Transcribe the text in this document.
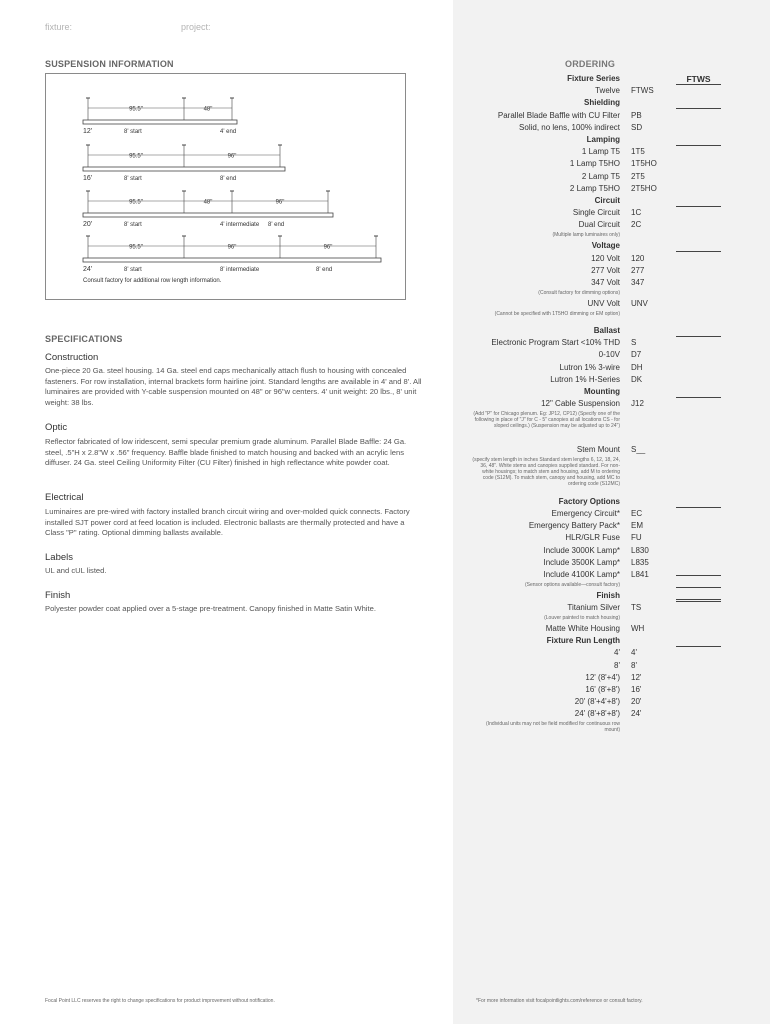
fixture:	project:
SUSPENSION INFORMATION
95.5"	48"
12'	8' start	4' end
95.5"	96"
16'	8' start	8' end
95.5"	48"	96"
20'	8' start	4' intermediate 8' end
95.5"	96"	96"
24'	8' start	8' intermediate	8' end
Consult factory for additional row length information.
SPECIFICATIONS
Construction
One-piece 20 Ga. steel housing. 14 Ga. steel end caps mechanically attach flush to housing with concealed fasteners. For row installation, internal brackets form hairline joint. Standard lengths are available in 4' and 8'. All luminaires are provided with Y-cable suspension mounted on 48" or 96"w centers. 4' unit weight: 20 lbs., 8' unit weight: 38 lbs.
Optic
Reflector fabricated of low iridescent, semi specular premium grade aluminum. Parallel Blade Baffle: 24 Ga. steel, .5"H x 2.8"W x .56" frequency. Baffle blade finished to match housing and backed with an acrylic lens diffuser. 24 Ga. steel Ceiling Uniformity Filter (CU Filter) finished in high reflectance white powder coat.
Electrical
Luminaires are pre-wired with factory installed branch circuit wiring and over-molded quick connects. Factory installed SJT power cord at feed location is included. Electronic ballasts are thermally protected and have a Class "P" rating. Optional dimming ballasts available.
Labels
UL and cUL listed.
Finish
Polyester powder coat applied over a 5-stage pre-treatment. Canopy finished in Matte Satin White.
ORDERING
FTWS
Fixture Series
Twelve FTWS
Shielding
Parallel Blade Baffle with CU Filter PB
Solid, no lens, 100% indirect SD
Lamping
1 Lamp T5 1T5
1 Lamp T5HO 1T5HO
2 Lamp T5 2T5
2 Lamp T5HO 2T5HO
Circuit
Single Circuit 1C
Dual Circuit 2C
(Multiple lamp luminaires only)
Voltage
120 Volt 120
277 Volt 277
347 Volt 347
(Consult factory for dimming options)
UNV Volt UNV
(Cannot be specified with 1T5HO dimming or EM option)
Ballast
Electronic Program Start <10% THD S
0-10V D7
Lutron 1% 3-wire DH
Lutron 1% H-Series DK
Mounting
12" Cable Suspension J12
(Add "P" for Chicago plenum. Eg: JP12, CP12) (Specify one of the following in place of "J" for C - 5" canopies at all locations CS - for sloped ceilings.) (Suspension may be adjusted up to 24")
Stem Mount S__
(specify stem length in inches Standard stem lengths 6, 12, 18, 24, 36, 48". White stems and canopies supplied standard. For non-white housings; to match stem and housing, add M to ordering code (S12M). To match stem, canopy and housing, add MC to ordering code (S12MC)
Factory Options
Emergency Circuit* EC
Emergency Battery Pack* EM
HLR/GLR Fuse FU
Include 3000K Lamp* L830
Include 3500K Lamp* L835
Include 4100K Lamp* L841
(Sensor options available—consult factory)
Finish
Titanium Silver TS
(Louver painted to match housing)
Matte White Housing WH
Fixture Run Length
4' 4'
8' 8'
12' (8'+4') 12'
16' (8'+8') 16'
20' (8'+4'+8') 20'
24' (8'+8'+8') 24'
(Individual units may not be field modified for continuous row mount)
Focal Point LLC reserves the right to change specifications for product improvement without notification.	*For more information visit focalpointlights.com/reference or consult factory.
